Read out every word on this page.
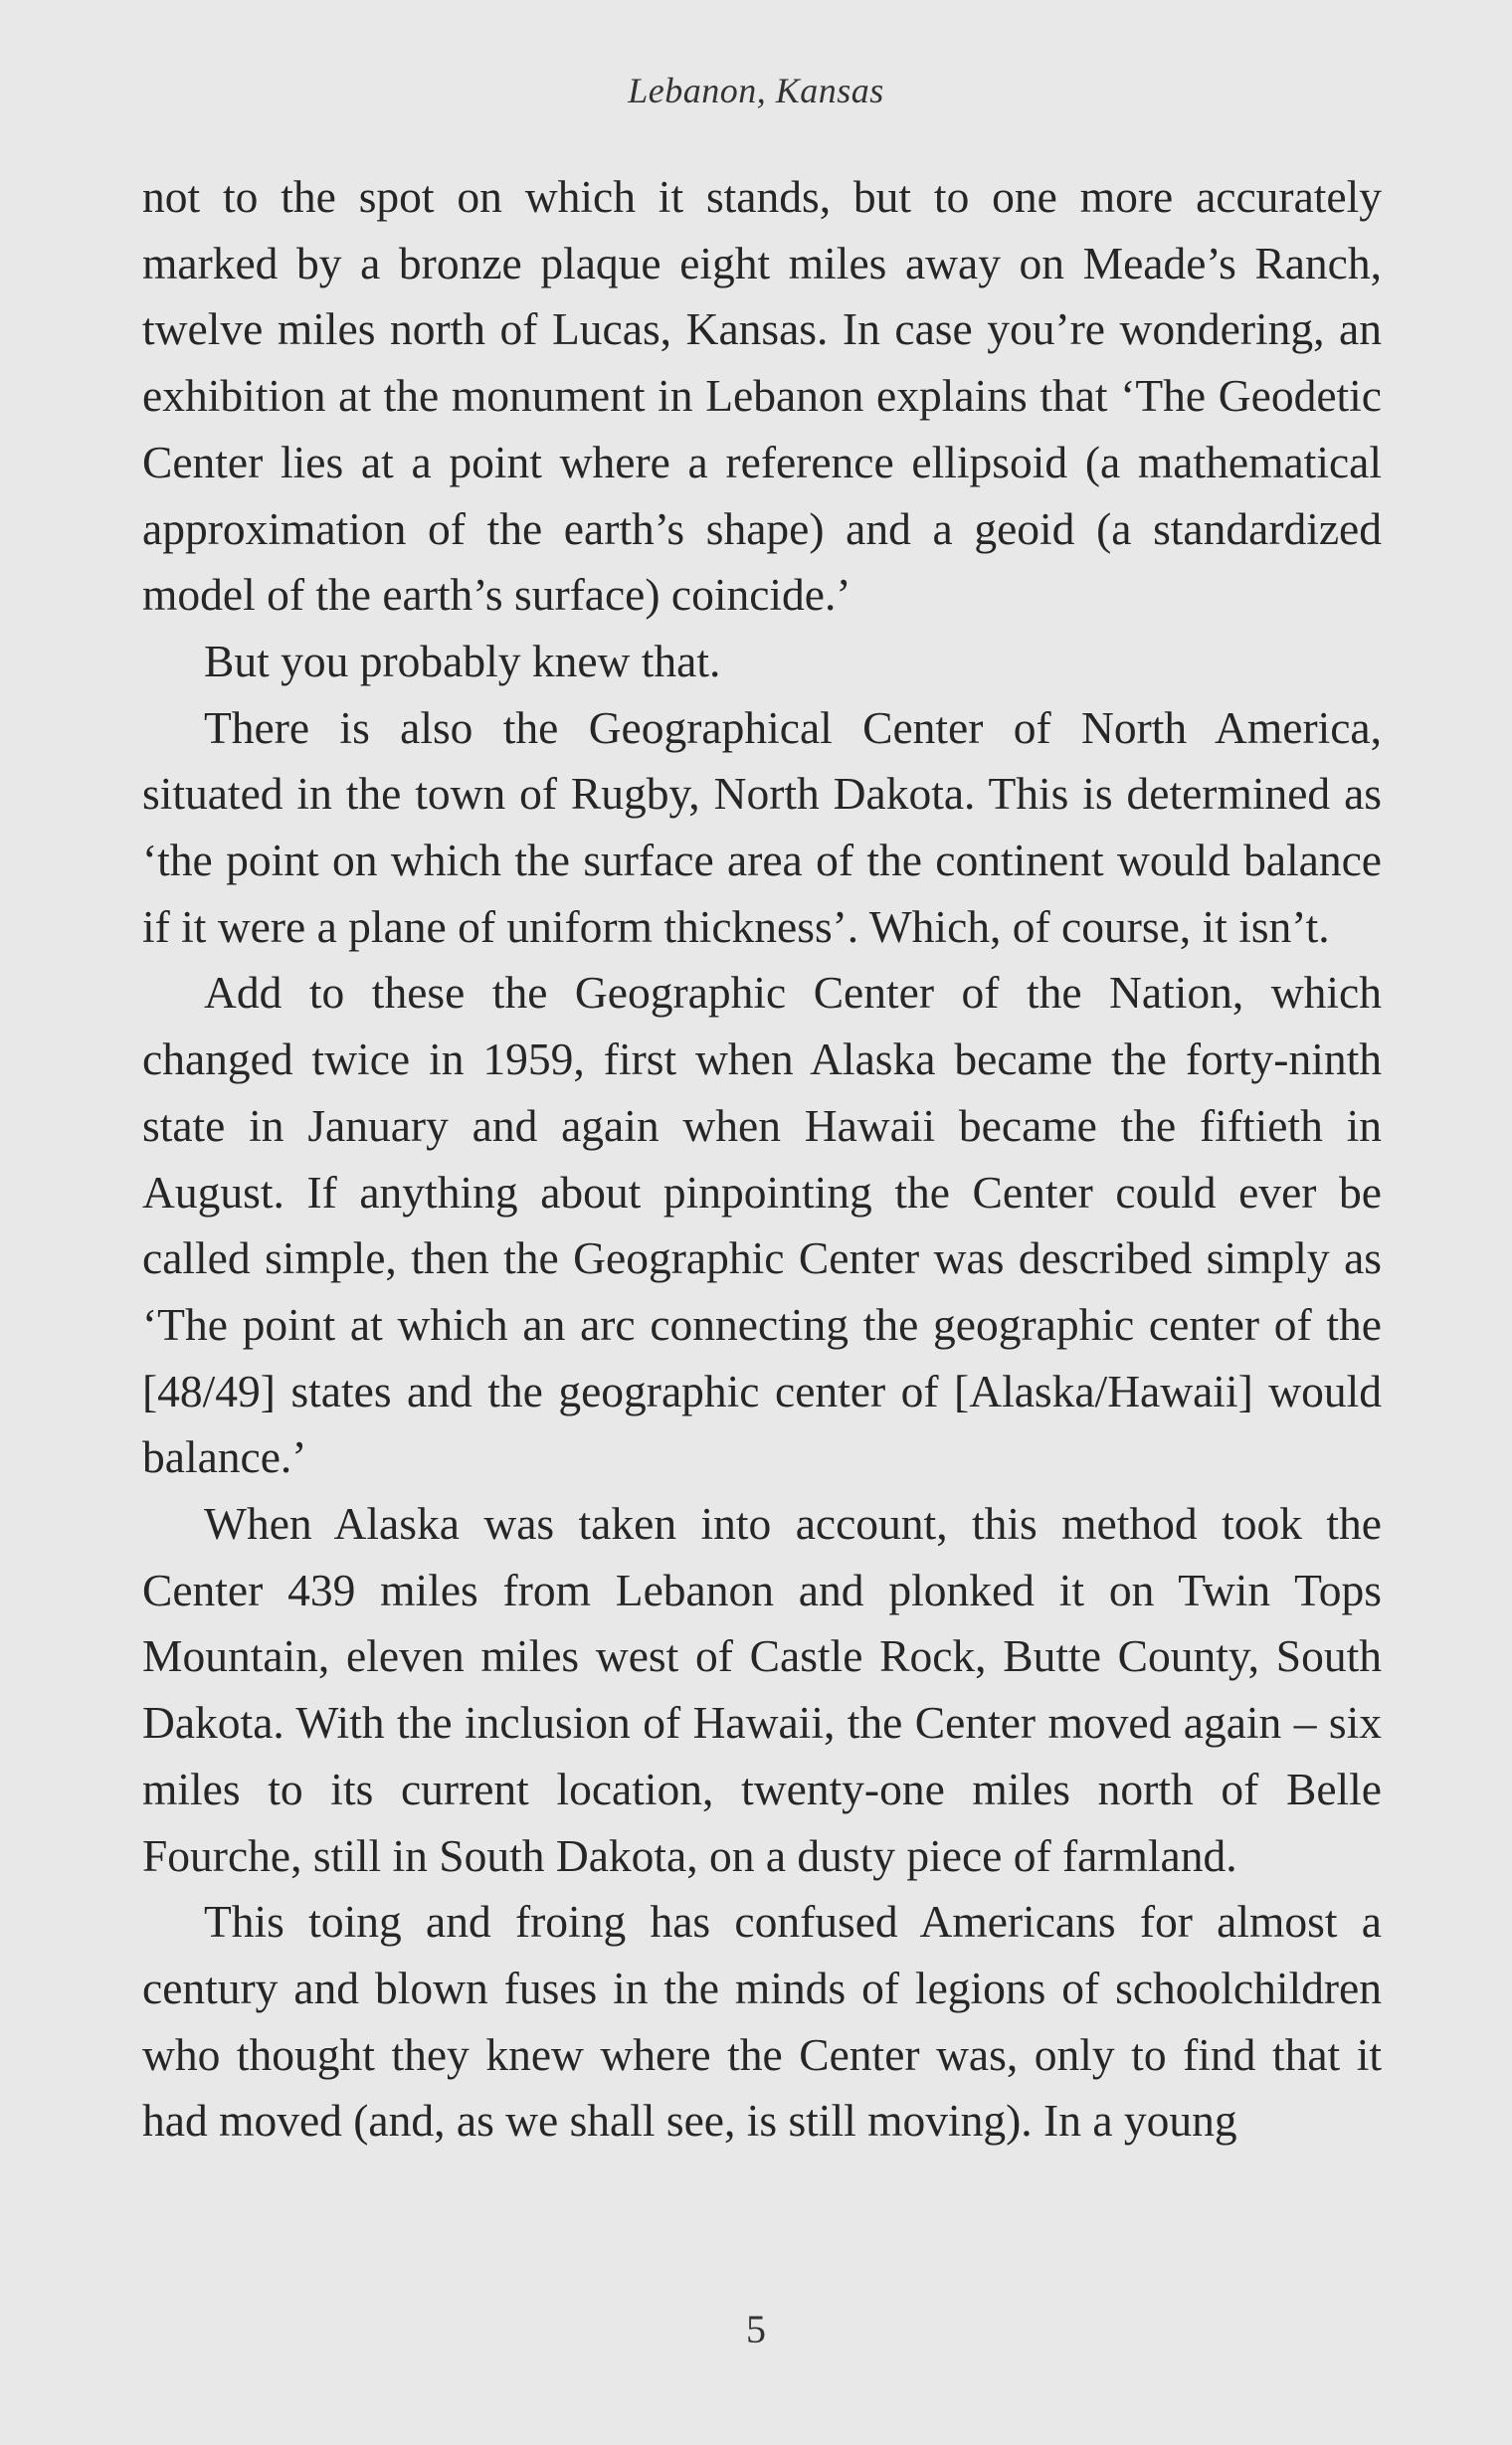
Lebanon, Kansas

not to the spot on which it stands, but to one more accurately marked by a bronze plaque eight miles away on Meade’s Ranch, twelve miles north of Lucas, Kansas. In case you’re wondering, an exhibition at the monument in Lebanon explains that ‘The Geodetic Center lies at a point where a reference ellipsoid (a mathematical approximation of the earth’s shape) and a geoid (a standardized model of the earth’s surface) coincide.’

But you probably knew that.

There is also the Geographical Center of North America, situated in the town of Rugby, North Dakota. This is determined as ‘the point on which the surface area of the continent would balance if it were a plane of uniform thickness’. Which, of course, it isn’t.

Add to these the Geographic Center of the Nation, which changed twice in 1959, first when Alaska became the forty-ninth state in January and again when Hawaii became the fiftieth in August. If anything about pinpointing the Center could ever be called simple, then the Geographic Center was described simply as ‘The point at which an arc connecting the geographic center of the [48/49] states and the geographic center of [Alaska/Hawaii] would balance.’

When Alaska was taken into account, this method took the Center 439 miles from Lebanon and plonked it on Twin Tops Mountain, eleven miles west of Castle Rock, Butte County, South Dakota. With the inclusion of Hawaii, the Center moved again – six miles to its current location, twenty-one miles north of Belle Fourche, still in South Dakota, on a dusty piece of farmland.

This toing and froing has confused Americans for almost a century and blown fuses in the minds of legions of schoolchildren who thought they knew where the Center was, only to find that it had moved (and, as we shall see, is still moving). In a young

5
